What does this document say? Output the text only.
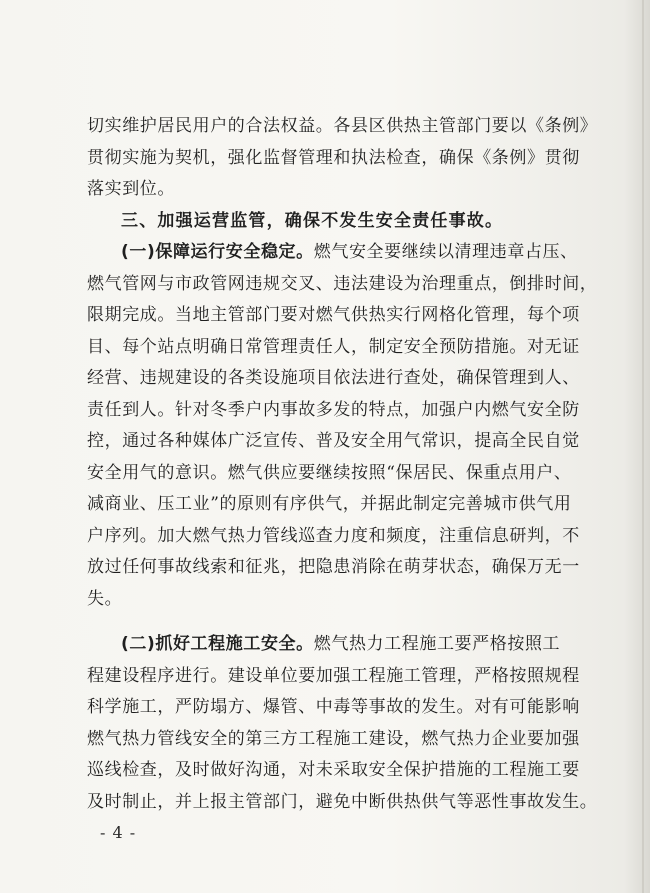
切实维护居民用户的合法权益。各县区供热主管部门要以《条例》
贯彻实施为契机，强化监督管理和执法检查，确保《条例》贯彻
落实到位。
三、加强运营监管，确保不发生安全责任事故。
(一)保障运行安全稳定。燃气安全要继续以清理违章占压、
燃气管网与市政管网违规交叉、违法建设为治理重点，倒排时间，
限期完成。当地主管部门要对燃气供热实行网格化管理，每个项
目、每个站点明确日常管理责任人，制定安全预防措施。对无证
经营、违规建设的各类设施项目依法进行查处，确保管理到人、
责任到人。针对冬季户内事故多发的特点，加强户内燃气安全防
控，通过各种媒体广泛宣传、普及安全用气常识，提高全民自觉
安全用气的意识。燃气供应要继续按照“保居民、保重点用户、
减商业、压工业”的原则有序供气，并据此制定完善城市供气用
户序列。加大燃气热力管线巡查力度和频度，注重信息研判，不
放过任何事故线索和征兆，把隐患消除在萌芽状态，确保万无一
失。
(二)抓好工程施工安全。燃气热力工程施工要严格按照工
程建设程序进行。建设单位要加强工程施工管理，严格按照规程
科学施工，严防塌方、爆管、中毒等事故的发生。对有可能影响
燃气热力管线安全的第三方工程施工建设，燃气热力企业要加强
巡线检查，及时做好沟通，对未采取安全保护措施的工程施工要
及时制止，并上报主管部门，避免中断供热供气等恶性事故发生。
- 4 -
